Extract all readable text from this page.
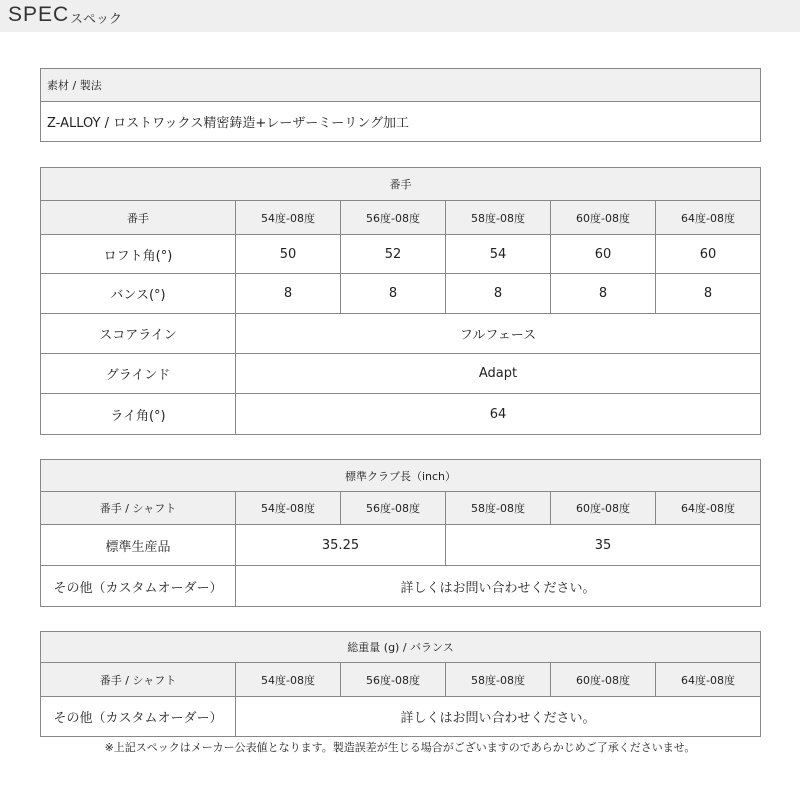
SPEC スペック
素材 / 製法
Z-ALLOY / ロストワックス精密鋳造+レーザーミーリング加工
番手					
番手	54度-08度	56度-08度	58度-08度	60度-08度	64度-08度
ロフト角(°)	50	52	54	60	60
バンス(°)	8	8	8	8	8
スコアライン	フルフェース				
グラインド	Adapt				
ライ角(°)	64				
標準クラブ長（inch）					
番手 / シャフト	54度-08度	56度-08度	58度-08度	60度-08度	64度-08度
標準生産品	35.25		35		
その他（カスタムオーダー）	詳しくはお問い合わせください。				
総重量 (g) / バランス					
番手 / シャフト	54度-08度	56度-08度	58度-08度	60度-08度	64度-08度
その他（カスタムオーダー）	詳しくはお問い合わせください。				
※上記スペックはメーカー公表値となります。製造誤差が生じる場合がございますのであらかじめご了承くださいませ。
